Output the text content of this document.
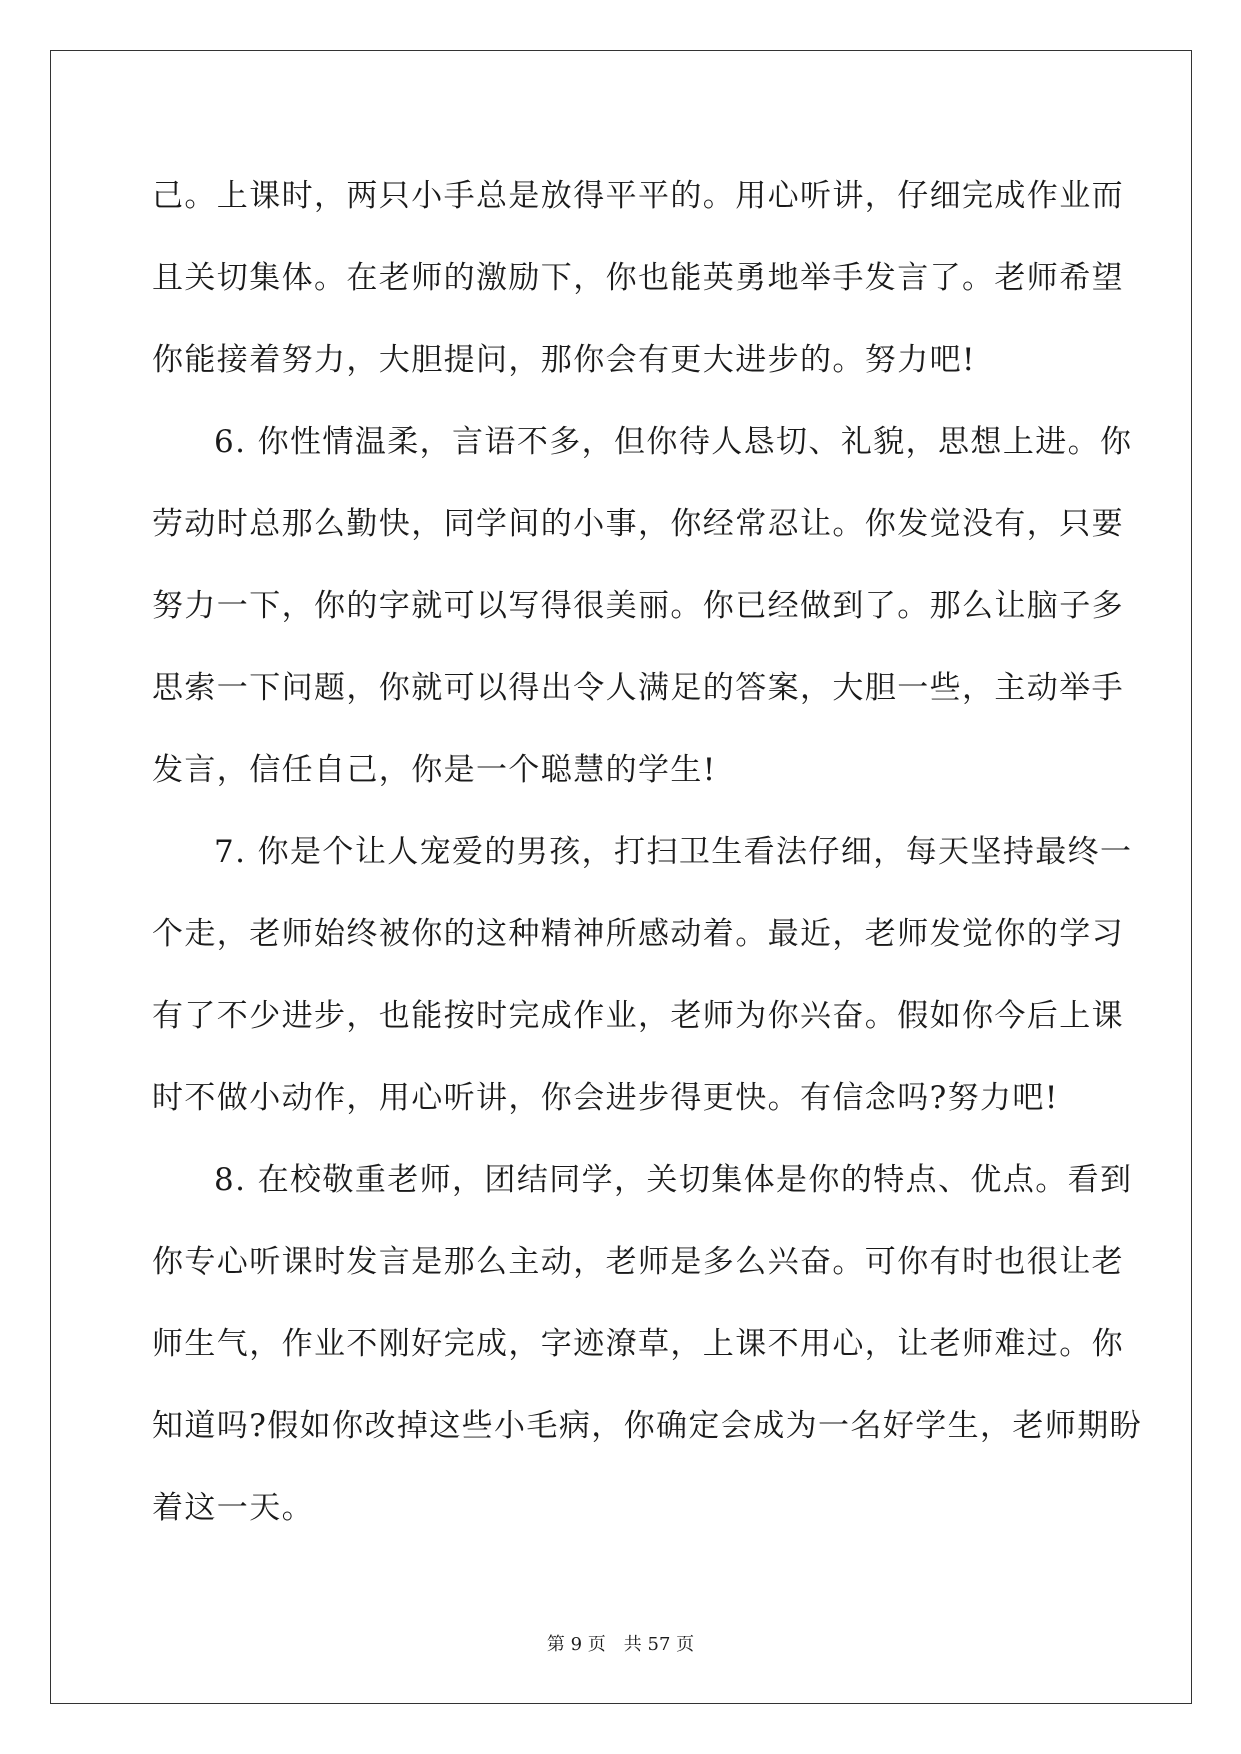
己。上课时，两只小手总是放得平平的。用心听讲，仔细完成作业而
且关切集体。在老师的激励下，你也能英勇地举手发言了。老师希望
你能接着努力，大胆提问，那你会有更大进步的。努力吧!
6. 你性情温柔，言语不多，但你待人恳切、礼貌，思想上进。你
劳动时总那么勤快，同学间的小事，你经常忍让。你发觉没有，只要
努力一下，你的字就可以写得很美丽。你已经做到了。那么让脑子多
思索一下问题，你就可以得出令人满足的答案，大胆一些，主动举手
发言，信任自己，你是一个聪慧的学生!
7. 你是个让人宠爱的男孩，打扫卫生看法仔细，每天坚持最终一
个走，老师始终被你的这种精神所感动着。最近，老师发觉你的学习
有了不少进步，也能按时完成作业，老师为你兴奋。假如你今后上课
时不做小动作，用心听讲，你会进步得更快。有信念吗?努力吧!
8. 在校敬重老师，团结同学，关切集体是你的特点、优点。看到
你专心听课时发言是那么主动，老师是多么兴奋。可你有时也很让老
师生气，作业不刚好完成，字迹潦草，上课不用心，让老师难过。你
知道吗?假如你改掉这些小毛病，你确定会成为一名好学生，老师期盼
着这一天。
第 9 页 共 57 页
